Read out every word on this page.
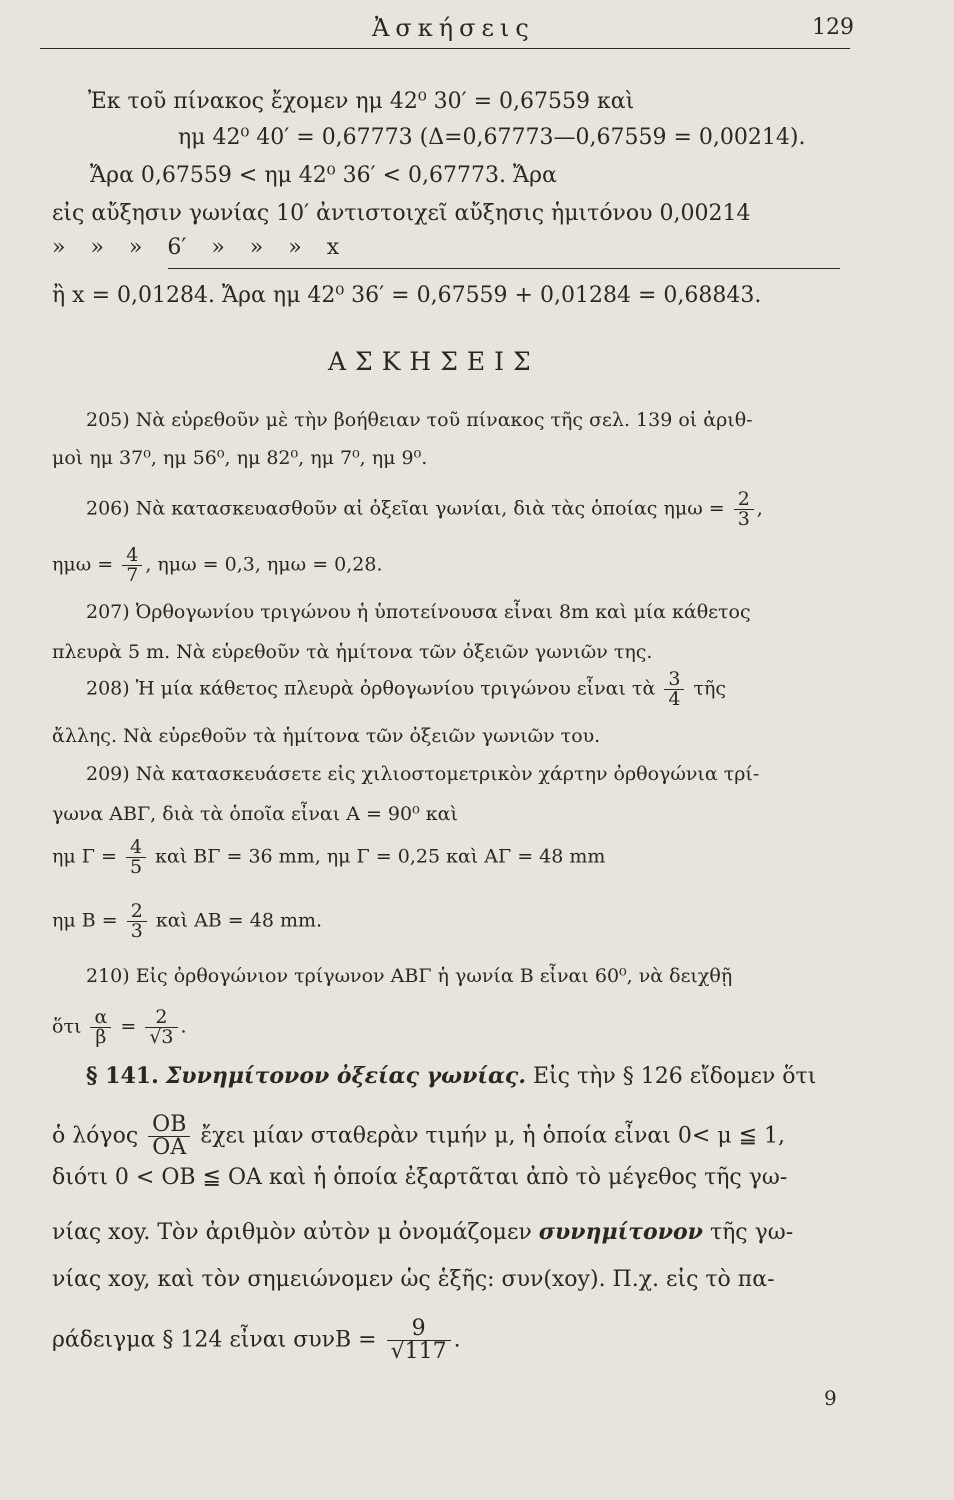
Ἀσκήσεις	129
Ἐκ τοῦ πίνακος ἔχομεν ημ 42⁰ 30′ = 0,67559 καὶ
ημ 42⁰ 40′ = 0,67773 (Δ=0,67773—0,67559 = 0,00214).
Ἄρα 0,67559 < ημ 42⁰ 36′ < 0,67773. Ἄρα
εἰς αὔξησιν γωνίας 10′ ἀντιστοιχεῖ αὔξησις ἡμιτόνου 0,00214
» » » 6′ » » » x
ἢ x = 0,01284. Ἄρα ημ 42⁰ 36′ = 0,67559 + 0,01284 = 0,68843.
ΑΣΚΗΣΕΙΣ
205) Νὰ εὑρεθοῦν μὲ τὴν βοήθειαν τοῦ πίνακος τῆς σελ. 139 οἱ ἀριθ-
μοὶ ημ 37⁰, ημ 56⁰, ημ 82⁰, ημ 7⁰, ημ 9⁰.
206) Νὰ κατασκευασθοῦν αἱ ὀξεῖαι γωνίαι, διὰ τὰς ὁποίας $\eta\mu\omega = \frac{2}{3}$ ,
$\eta\mu\omega = \frac{4}{7}$ , ημω = 0,3, ημω = 0,28.
207) Ὀρθογωνίου τριγώνου ἡ ὑποτείνουσα εἶναι 8m καὶ μία κάθετος
πλευρὰ 5 m. Νὰ εὑρεθοῦν τὰ ἡμίτονα τῶν ὀξειῶν γωνιῶν της.
208) Ἡ μία κάθετος πλευρὰ ὀρθογωνίου τριγώνου εἶναι τὰ $\frac{3}{4}$ τῆς
ἄλλης. Νὰ εὑρεθοῦν τὰ ἡμίτονα τῶν ὀξειῶν γωνιῶν του.
209) Νὰ κατασκευάσετε εἰς χιλιοστομετρικὸν χάρτην ὀρθογώνια τρί-
γωνα ΑΒΓ, διὰ τὰ ὁποῖα εἶναι Α = 90⁰ καὶ
ημ $\Gamma = \frac{4}{5}$ καὶ ΒΓ = 36 mm, ημ Γ = 0,25 καὶ ΑΓ = 48 mm
ημ $B = \frac{2}{3}$ καὶ ΑΒ = 48 mm.
210) Εἰς ὀρθογώνιον τρίγωνον ΑΒΓ ἡ γωνία Β εἶναι 60⁰, νὰ δειχθῇ
ὅτι $\frac{\alpha}{\beta} = \frac{2}{√3}$ .
§ 141. Συνημίτονον ὀξείας γωνίας. Εἰς τὴν § 126 εἴδομεν ὅτι
ὁ λόγος $\frac{OB}{OA}$ ἔχει μίαν σταθερὰν τιμήν μ, ἡ ὁποία εἶναι 0< μ ≦ 1,
διότι 0 < ΟΒ ≦ ΟΑ καὶ ἡ ὁποία ἐξαρτᾶται ἀπὸ τὸ μέγεθος τῆς γω-
νίας xoy. Τὸν ἀριθμὸν αὐτὸν μ ὀνομάζομεν συνημίτονον τῆς γω-
νίας xoy, καὶ τὸν σημειώνομεν ὡς ἑξῆς: συν(xoy). Π.χ. εἰς τὸ πα-
ράδειγμα § 124 εἶναι $\sigma\upsilon\nu B = \frac{9}{√117}$ .
9
